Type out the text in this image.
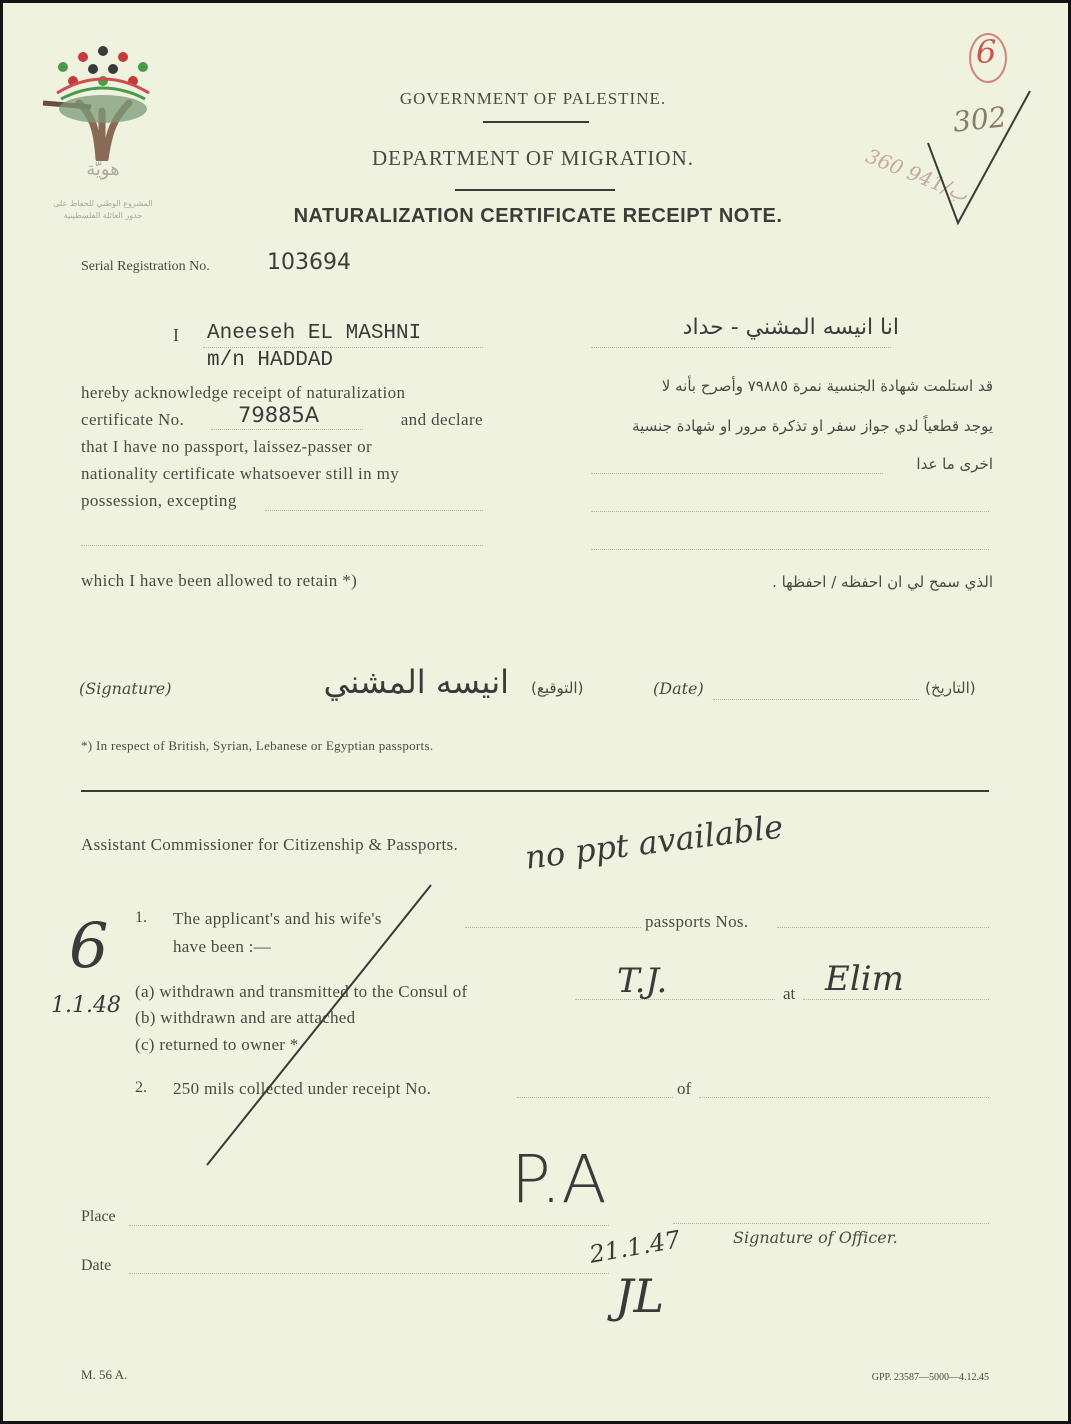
هويّة
المشروع الوطني للحفاظ على
جذور العائلة الفلسطينية
GOVERNMENT OF PALESTINE.
DEPARTMENT OF MIGRATION.
NATURALIZATION CERTIFICATE RECEIPT NOTE.
6
302
360 ب/941
Serial Registration No.	103694
I Aneeseh EL MASHNI
m/n HADDAD
hereby acknowledge receipt of naturalization
certificate No.	79885A	and declare
that I have no passport, laissez-passer or
nationality certificate whatsoever still in my
possession, excepting
which I have been allowed to retain *)
انا انيسه المشني - حداد
قد استلمت شهادة الجنسية نمرة ٧٩٨٨٥ وأصرح بأنه لا
يوجد قطعياً لدي جواز سفر او تذكرة مرور او شهادة جنسية
اخرى ما عدا
الذي سمح لي ان احفظه / احفظها .
(Signature)	انيسه المشني (التوقيع)	(Date)	(التاريخ)
*) In respect of British, Syrian, Lebanese or Egyptian passports.
Assistant Commissioner for Citizenship & Passports. no ppt available
6
1.1.48
1. The applicant's and his wife's	passports Nos.
have been :—
(a) withdrawn and transmitted to the Consul of	T.J.	at Elim
(b) withdrawn and are attached
(c) returned to owner *
2. 250 mils collected under receipt No.	of
P.A
21.1.47
JL
Place
Signature of Officer.
Date
M. 56 A.	GPP. 23587—5000—4.12.45
